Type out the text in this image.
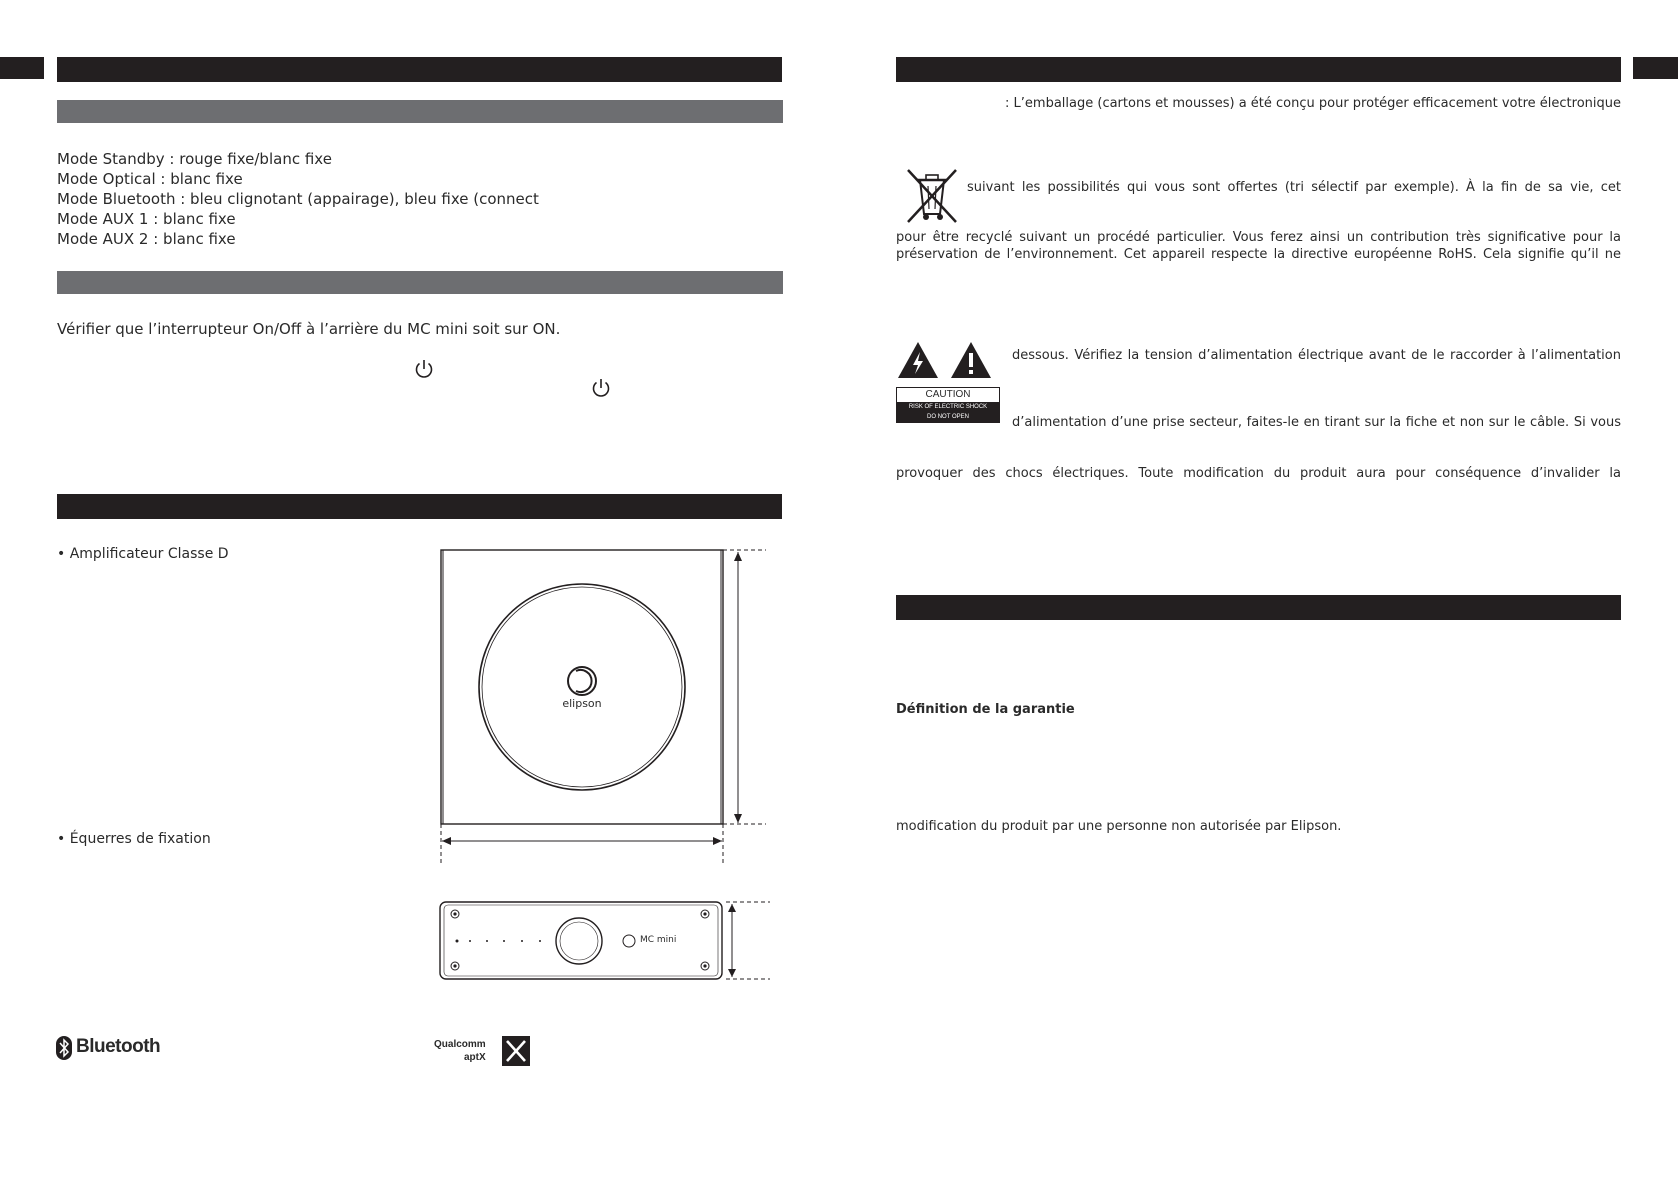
Mode Standby : rouge fixe/blanc fixe
Mode Optical : blanc fixe
Mode Bluetooth : bleu clignotant (appairage), bleu fixe (connect
Mode AUX 1 : blanc fixe
Mode AUX 2 : blanc fixe
Vérifier que l’interrupteur On/Off à l’arrière du MC mini soit sur ON.
• Amplificateur Classe D
• Équerres de fixation
elipson
MC mini
Bluetooth	Qualcomm
aptX
: L’emballage (cartons et mousses) a été conçu pour protéger efficacement votre électronique
suivant les possibilités qui vous sont offertes (tri sélectif par exemple). À la fin de sa vie, cet
pour être recyclé suivant un procédé particulier. Vous ferez ainsi un contribution très significative pour la
préservation de l’environnement. Cet appareil respecte la directive européenne RoHS. Cela signifie qu’il ne
CAUTION
RISK OF ELECTRIC SHOCK
DO NOT OPEN
dessous. Vérifiez la tension d’alimentation électrique avant de le raccorder à l’alimentation
d’alimentation d’une prise secteur, faites-le en tirant sur la fiche et non sur le câble. Si vous
provoquer des chocs électriques. Toute modification du produit aura pour conséquence d’invalider la
Définition de la garantie
modification du produit par une personne non autorisée par Elipson.
